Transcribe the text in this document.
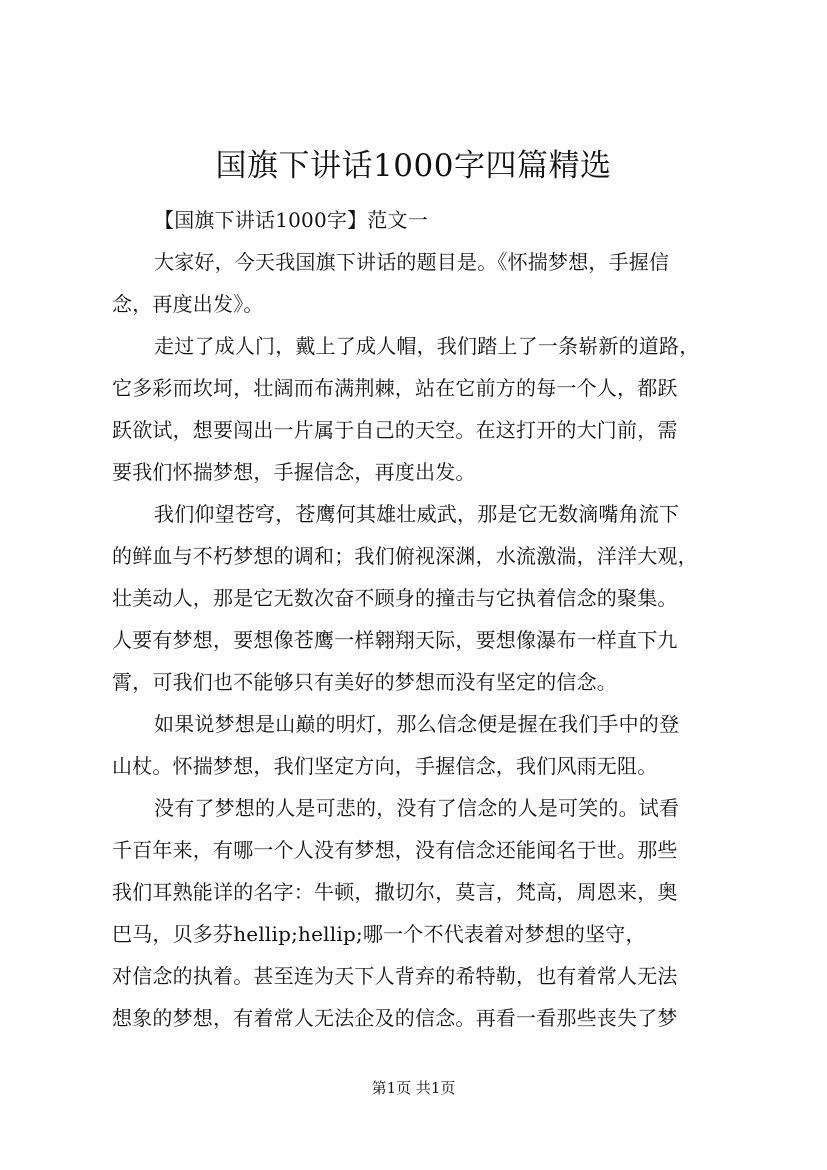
国旗下讲话1000字四篇精选
【国旗下讲话1000字】范文一
大家好，今天我国旗下讲话的题目是。《怀揣梦想，手握信
念，再度出发》。
走过了成人门，戴上了成人帽，我们踏上了一条崭新的道路，
它多彩而坎坷，壮阔而布满荆棘，站在它前方的每一个人，都跃
跃欲试，想要闯出一片属于自己的天空。在这打开的大门前，需
要我们怀揣梦想，手握信念，再度出发。
我们仰望苍穹，苍鹰何其雄壮威武，那是它无数滴嘴角流下
的鲜血与不朽梦想的调和；我们俯视深渊，水流激湍，洋洋大观，
壮美动人，那是它无数次奋不顾身的撞击与它执着信念的聚集。
人要有梦想，要想像苍鹰一样翱翔天际，要想像瀑布一样直下九
霄，可我们也不能够只有美好的梦想而没有坚定的信念。
如果说梦想是山巅的明灯，那么信念便是握在我们手中的登
山杖。怀揣梦想，我们坚定方向，手握信念，我们风雨无阻。
没有了梦想的人是可悲的，没有了信念的人是可笑的。试看
千百年来，有哪一个人没有梦想，没有信念还能闻名于世。那些
我们耳熟能详的名字：牛顿，撒切尔，莫言，梵高，周恩来，奥
巴马，贝多芬hellip;hellip;哪一个不代表着对梦想的坚守，
对信念的执着。甚至连为天下人背弃的希特勒，也有着常人无法
想象的梦想，有着常人无法企及的信念。再看一看那些丧失了梦
第1页 共1页
